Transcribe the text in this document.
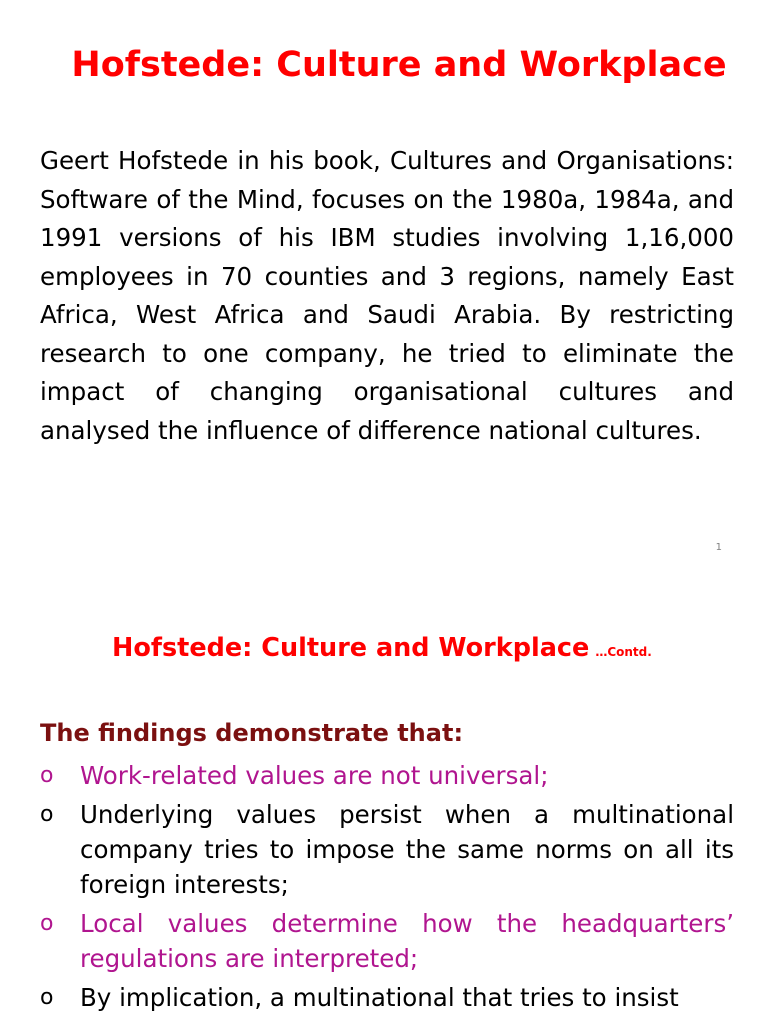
Hofstede: Culture and Workplace

Geert Hofstede in his book, Cultures and Organisations: Software of the Mind, focuses on the 1980a, 1984a, and 1991 versions of his IBM studies involving 1,16,000 employees in 70 counties and 3 regions, namely East Africa, West Africa and Saudi Arabia. By restricting research to one company, he tried to eliminate the impact of changing organisational cultures and analysed the influence of difference national cultures.

1
Hofstede: Culture and Workplace …Contd.
The findings demonstrate that:
o Work-related values are not universal;
o Underlying values persist when a multinational company tries to impose the same norms on all its foreign interests;
o Local values determine how the headquarters’ regulations are interpreted;
o By implication, a multinational that tries to insist
